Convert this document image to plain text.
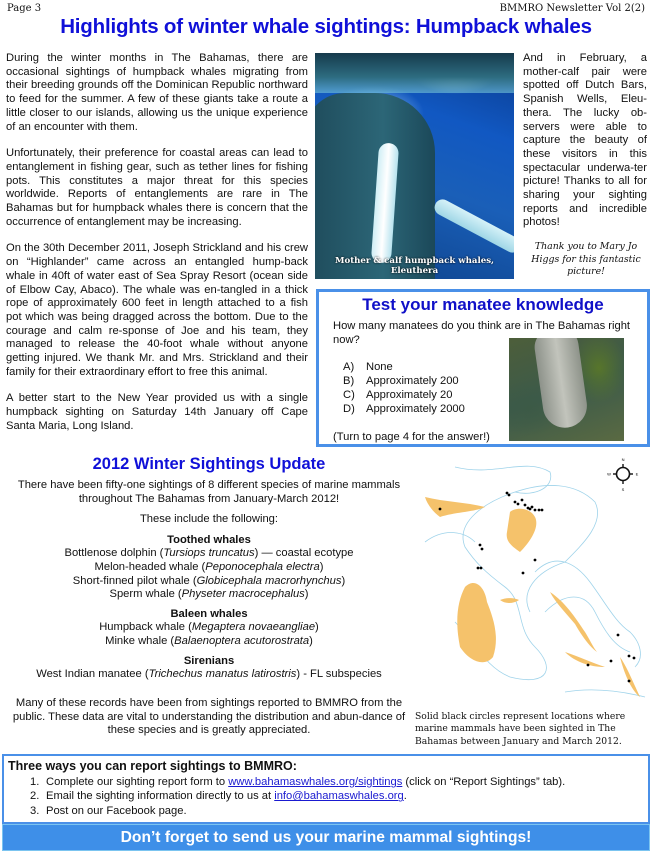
Page 3	BMMRO Newsletter Vol 2(2)
Highlights of winter whale sightings: Humpback whales

During the winter months in The Bahamas, there are occasional sightings of humpback whales migrating from their breeding grounds off the Dominican Republic northward to feed for the summer. A few of these giants take a route a little closer to our islands, allowing us the unique experience of an encounter with them.

Unfortunately, their preference for coastal areas can lead to entanglement in fishing gear, such as tether lines for fishing pots. This constitutes a major threat for this species worldwide. Reports of entanglements are rare in The Bahamas but for humpback whales there is concern that the occurrence of entanglement may be increasing.

On the 30th December 2011, Joseph Strickland and his crew on “Highlander” came across an entangled hump-back whale in 40ft of water east of Sea Spray Resort (ocean side of Elbow Cay, Abaco). The whale was en-tangled in a thick rope of approximately 600 feet in length attached to a fish pot which was being dragged across the bottom. Due to the courage and calm re-sponse of Joe and his team, they managed to release the 40-foot whale without anyone getting injured. We thank Mr. and Mrs. Strickland and their family for their extraordinary effort to free this animal.

A better start to the New Year provided us with a single humpback sighting on Saturday 14th January off Cape Santa Maria, Long Island.

Mother & calf humpback whales, Eleuthera
And in February, a mother-calf pair were spotted off Dutch Bars, Spanish Wells, Eleu-thera. The lucky ob-servers were able to capture the beauty of these visitors in this spectacular underwa-ter picture! Thanks to all for sharing your sighting reports and incredible photos!
Thank you to Mary Jo Higgs for this fantastic picture!
Test your manatee knowledge
How many manatees do you think are in The Bahamas right now?
A)	None
B)	Approximately 200
C) Approximately 20
D) Approximately 2000
(Turn to page 4 for the answer!)
2012 Winter Sightings Update
There have been fifty-one sightings of 8 different species of marine mammals throughout The Bahamas from January-March 2012!
These include the following:
Toothed whales
Bottlenose dolphin (Tursiops truncatus) — coastal ecotype
Melon-headed whale (Peponocephala electra)
Short-finned pilot whale (Globicephala macrorhynchus)
Sperm whale (Physeter macrocephalus)
Baleen whales
Humpback whale (Megaptera novaeangliae)
Minke whale (Balaenoptera acutorostrata)
Sirenians
West Indian manatee (Trichechus manatus latirostris) - FL subspecies
Many of these records have been from sightings reported to BMMRO from the public. These data are vital to understanding the distribution and abun-dance of these species and is greatly appreciated.
N
S
W	E
Solid black circles represent locations where marine mammals have been sighted in The Bahamas between January and March 2012.
Three ways you can report sightings to BMMRO:
1. Complete our sighting report form to www.bahamaswhales.org/sightings (click on “Report Sightings” tab).
2. Email the sighting information directly to us at info@bahamaswhales.org.
3. Post on our Facebook page.
Don’t forget to send us your marine mammal sightings!
